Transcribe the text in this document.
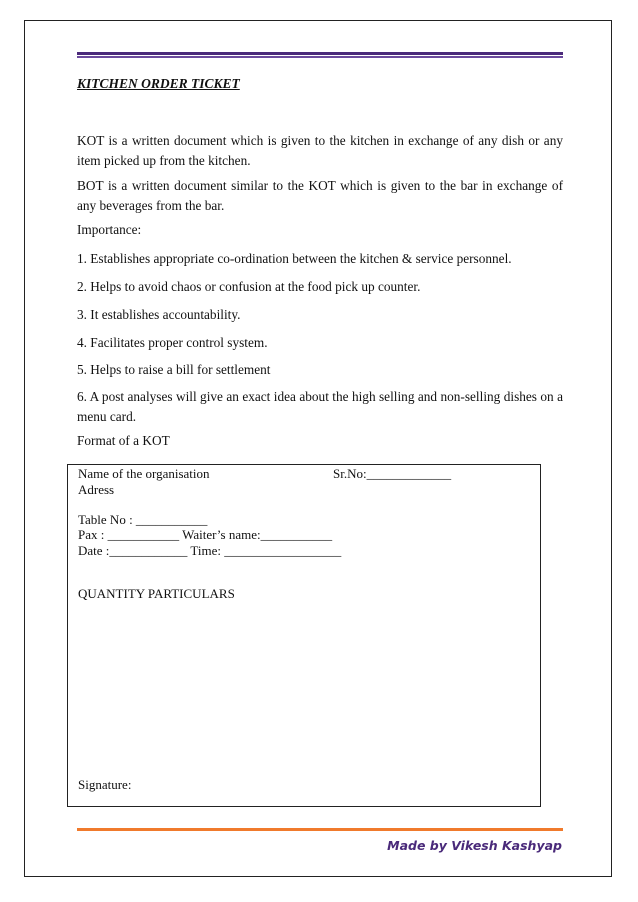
KITCHEN ORDER TICKET

KOT is a written document which is given to the kitchen in exchange of any dish or any item picked up from the kitchen.

BOT is a written document similar to the KOT which is given to the bar in exchange of any beverages from the bar.

Importance:

1. Establishes appropriate co-ordination between the kitchen & service personnel.

2. Helps to avoid chaos or confusion at the food pick up counter.

3. It establishes accountability.

4. Facilitates proper control system.

5. Helps to raise a bill for settlement

6. A post analyses will give an exact idea about the high selling and non-selling dishes on a menu card.

Format of a KOT

Name of the organisation	Sr.No:_____________
Adress
Table No : ___________
Pax : ___________ Waiter’s name:___________
Date :____________ Time: __________________
QUANTITY PARTICULARS
Signature:
Made by Vikesh Kashyap
